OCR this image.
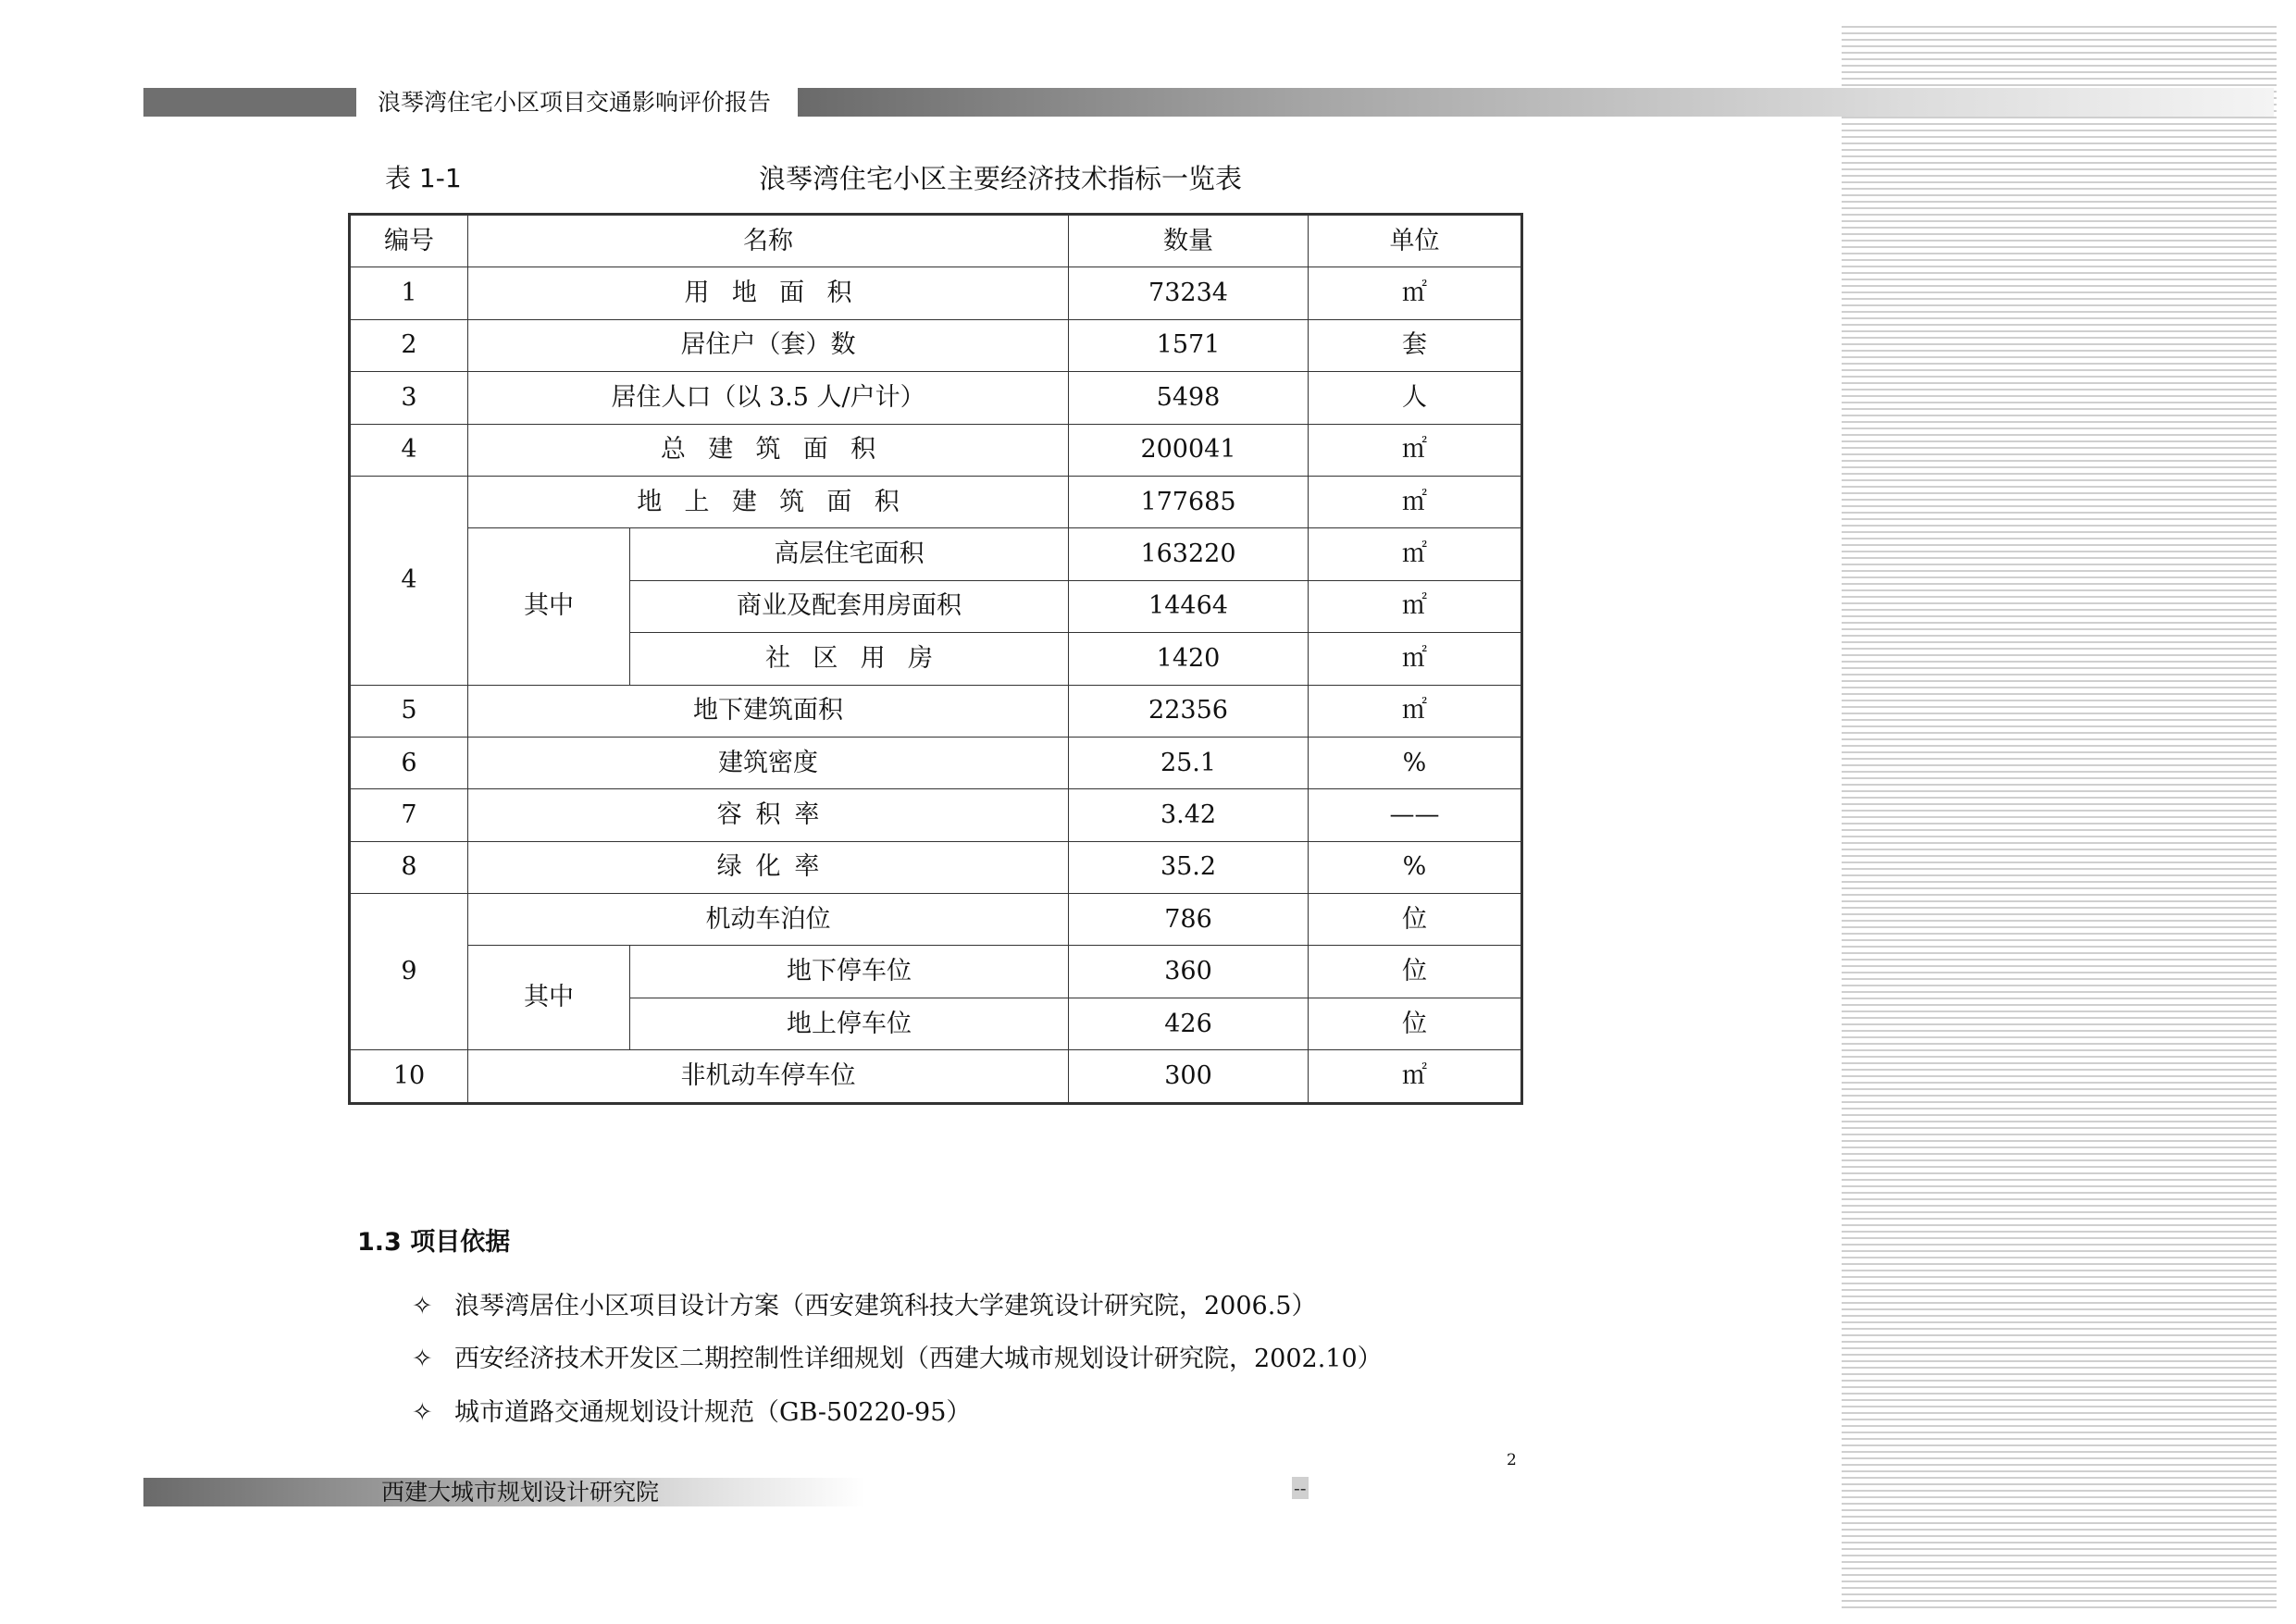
浪琴湾住宅小区项目交通影响评价报告
表 1-1	浪琴湾住宅小区主要经济技术指标一览表
编号	名称		数量	单位
1	用地面积		73234	㎡
2	居住户（套）数		1571	套
3	居住人口（以 3.5 人/户计）		5498	人
4	总建筑面积		200041	㎡
4	地上建筑面积		177685	㎡
	其中	高层住宅面积	163220	㎡
		商业及配套用房面积	14464	㎡
		社区用房	1420	㎡
5	地下建筑面积		22356	㎡
6	建筑密度		25.1	%
7	容积率		3.42	——
8	绿化率		35.2	%
9	机动车泊位		786	位
	其中	地下停车位	360	位
		地上停车位	426	位
10	非机动车停车位		300	㎡
1.3 项目依据
✧ 浪琴湾居住小区项目设计方案（西安建筑科技大学建筑设计研究院，2006.5）
✧ 西安经济技术开发区二期控制性详细规划（西建大城市规划设计研究院，2002.10）
✧ 城市道路交通规划设计规范（GB-50220-95）
2
西建大城市规划设计研究院	--
